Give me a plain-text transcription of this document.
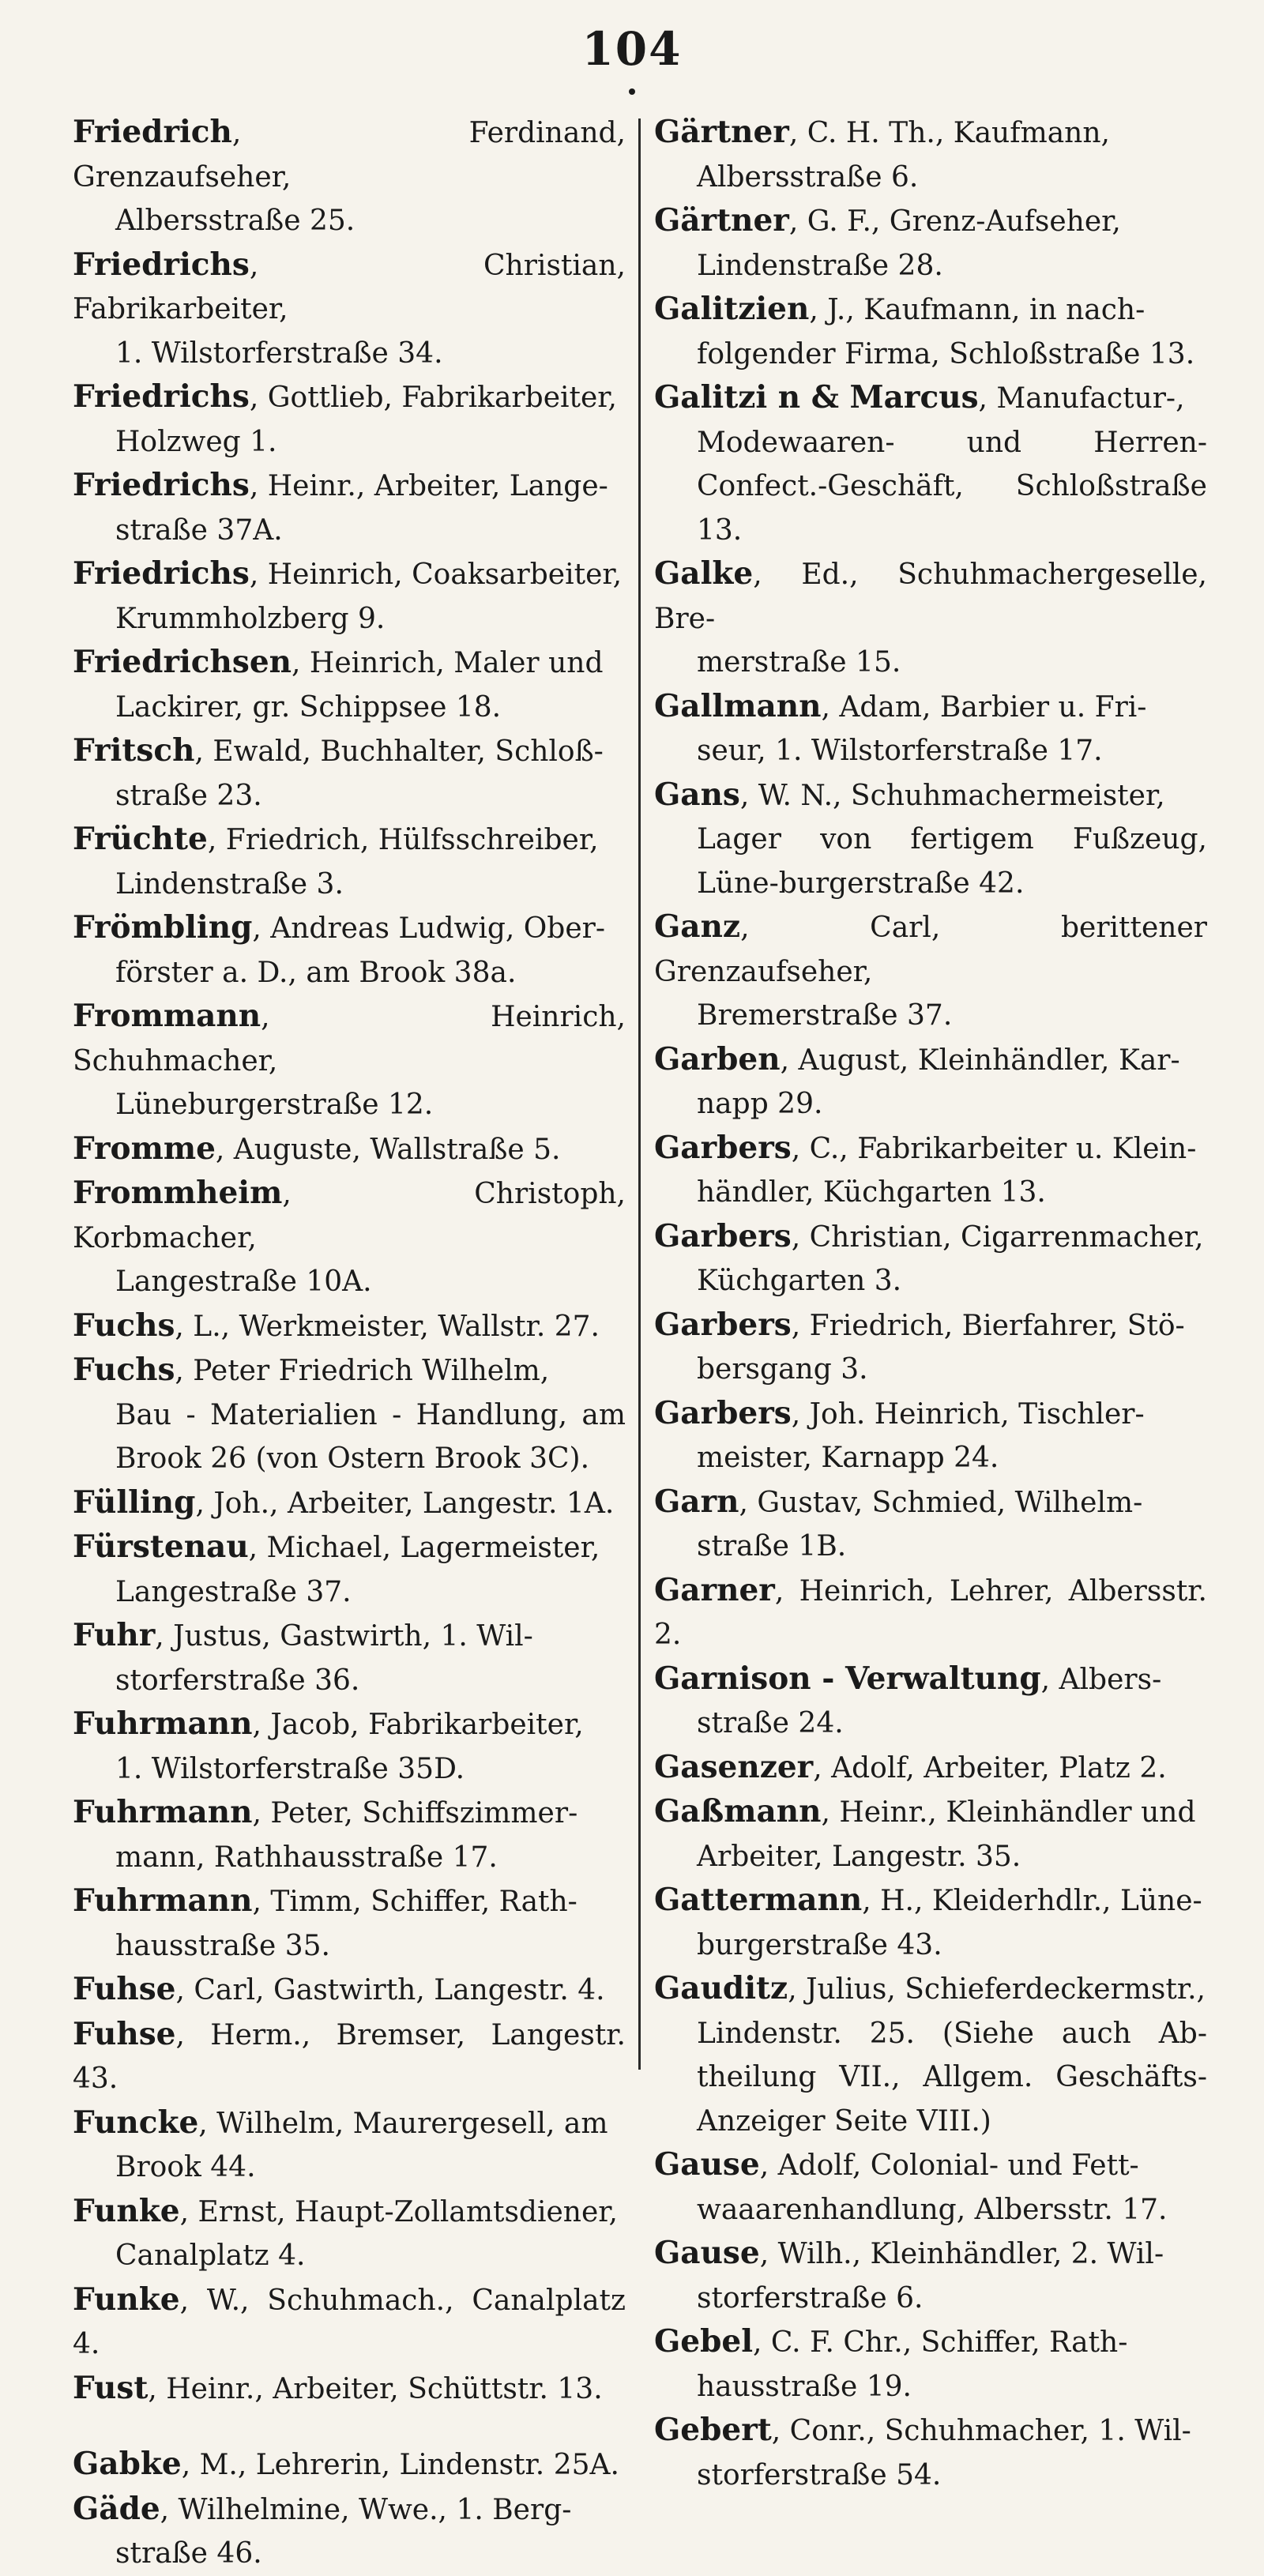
104

Friedrich, Ferdinand, Grenzaufseher,
Albersstraße 25.

Friedrichs, Christian, Fabrikarbeiter,
1. Wilstorferstraße 34.

Friedrichs, Gottlieb, Fabrikarbeiter,
Holzweg 1.

Friedrichs, Heinr., Arbeiter, Lange-
straße 37A.

Friedrichs, Heinrich, Coaksarbeiter,
Krummholzberg 9.

Friedrichsen, Heinrich, Maler und
Lackirer, gr. Schippsee 18.

Fritsch, Ewald, Buchhalter, Schloß-
straße 23.

Früchte, Friedrich, Hülfsschreiber,
Lindenstraße 3.

Frömbling, Andreas Ludwig, Ober-
förster a. D., am Brook 38a.

Frommann, Heinrich, Schuhmacher,
Lüneburgerstraße 12.

Fromme, Auguste, Wallstraße 5.

Frommheim, Christoph, Korbmacher,
Langestraße 10A.

Fuchs, L., Werkmeister, Wallstr. 27.

Fuchs, Peter Friedrich Wilhelm,
Bau - Materialien - Handlung, am Brook 26 (von Ostern Brook 3C).

Fülling, Joh., Arbeiter, Langestr. 1A.

Fürstenau, Michael, Lagermeister,
Langestraße 37.

Fuhr, Justus, Gastwirth, 1. Wil-
storferstraße 36.

Fuhrmann, Jacob, Fabrikarbeiter,
1. Wilstorferstraße 35D.

Fuhrmann, Peter, Schiffszimmer-
mann, Rathhausstraße 17.

Fuhrmann, Timm, Schiffer, Rath-
hausstraße 35.

Fuhse, Carl, Gastwirth, Langestr. 4.

Fuhse, Herm., Bremser, Langestr. 43.

Funcke, Wilhelm, Maurergesell, am
Brook 44.

Funke, Ernst, Haupt-Zollamtsdiener,
Canalplatz 4.

Funke, W., Schuhmach., Canalplatz 4.

Fust, Heinr., Arbeiter, Schüttstr. 13.

Gabke, M., Lehrerin, Lindenstr. 25A.

Gäde, Wilhelmine, Wwe., 1. Berg-
straße 46.

Gärtner, C. H. Th., Kaufmann,
Albersstraße 6.

Gärtner, G. F., Grenz-Aufseher,
Lindenstraße 28.

Galitzien, J., Kaufmann, in nach-
folgender Firma, Schloßstraße 13.

Galitzi n & Marcus, Manufactur-,
Modewaaren- und Herren-Confect.-Geschäft, Schloßstraße 13.

Galke, Ed., Schuhmachergeselle, Bre-
merstraße 15.

Gallmann, Adam, Barbier u. Fri-
seur, 1. Wilstorferstraße 17.

Gans, W. N., Schuhmachermeister,
Lager von fertigem Fußzeug, Lüne-burgerstraße 42.

Ganz, Carl, berittener Grenzaufseher,
Bremerstraße 37.

Garben, August, Kleinhändler, Kar-
napp 29.

Garbers, C., Fabrikarbeiter u. Klein-
händler, Küchgarten 13.

Garbers, Christian, Cigarrenmacher,
Küchgarten 3.

Garbers, Friedrich, Bierfahrer, Stö-
bersgang 3.

Garbers, Joh. Heinrich, Tischler-
meister, Karnapp 24.

Garn, Gustav, Schmied, Wilhelm-
straße 1B.

Garner, Heinrich, Lehrer, Albersstr. 2.

Garnison - Verwaltung, Albers-
straße 24.

Gasenzer, Adolf, Arbeiter, Platz 2.

Gaßmann, Heinr., Kleinhändler und
Arbeiter, Langestr. 35.

Gattermann, H., Kleiderhdlr., Lüne-
burgerstraße 43.

Gauditz, Julius, Schieferdeckermstr.,
Lindenstr. 25. (Siehe auch Ab-theilung VII., Allgem. Geschäfts-Anzeiger Seite VIII.)

Gause, Adolf, Colonial- und Fett-
waaarenhandlung, Albersstr. 17.

Gause, Wilh., Kleinhändler, 2. Wil-
storferstraße 6.

Gebel, C. F. Chr., Schiffer, Rath-
hausstraße 19.

Gebert, Conr., Schuhmacher, 1. Wil-
storferstraße 54.
